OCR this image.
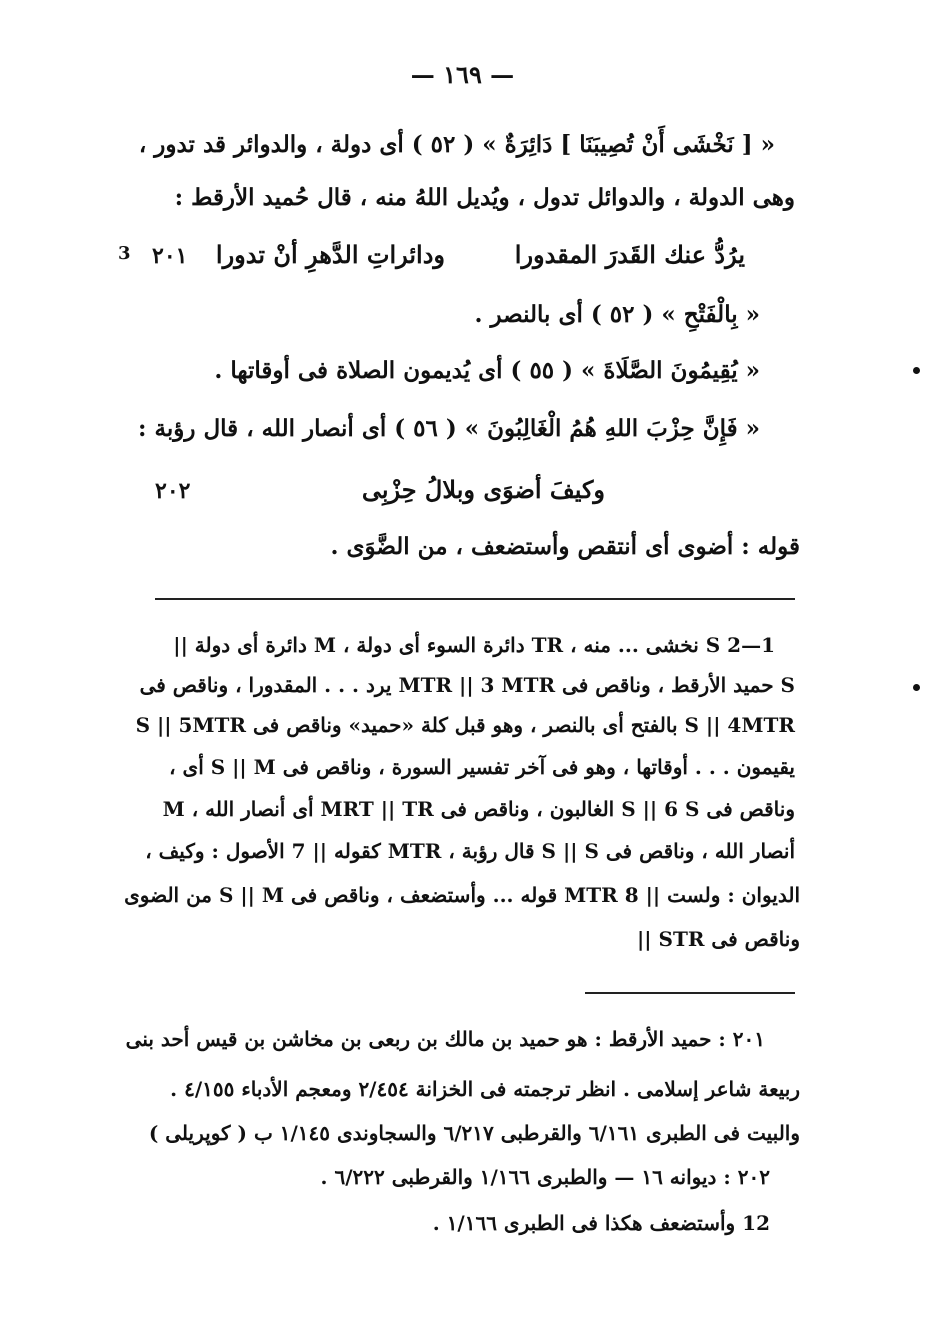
— ١٦٩ —
« [ نَخْشَى أَنْ تُصِيبَنَا ] دَائِرَةٌ » ( ٥٢ ) أى دولة ، والدوائر قد تدور ،
وهى الدولة ، والدوائل تدول ، ويُديل اللهُ منه ، قال حُميد الأرقط :
3 ٢٠١	يرُدُّ عنك القَدرَ المقدورا
ودائراتِ الدَّهرِ أنْ تدورا
« بِالْفَتْحِ » ( ٥٢ ) أى بالنصر .
« يُقِيمُونَ الصَّلَاةَ » ( ٥٥ ) أى يُديمون الصلاة فى أوقاتها .
« فَإِنَّ حِزْبَ اللهِ هُمُ الْغَالِبُونَ » ( ٥٦ ) أى أنصار الله ، قال رؤبة :
٢٠٢	وكيفَ أضوَى وبلالُ حِزْبِى
قوله : أضوى أى أنتقص وأستضعف ، من الضَّوَى .
1—2 S نخشى ... منه ، TR دائرة السوء أى دولة ، M دائرة أى دولة ||
S حميد الأرقط ، وناقص فى MTR || 3 MTR يرد . . . المقدورا ، وناقص فى
S || 4MTR بالفتح أى بالنصر ، وهو قبل كلة «حميد» وناقص فى S || 5MTR
يقيمون . . . أوقاتها ، وهو فى آخر تفسير السورة ، وناقص فى S || M أى ،
وناقص فى S || 6 S الغالبون ، وناقص فى MRT || TR أى أنصار الله ، M
أنصار الله ، وناقص فى S || S قال رؤبة ، MTR كقوله || 7 الأصول : وكيف ،
الديوان : ولست || 8 MTR قوله ... وأستضعف ، وناقص فى S || M من الضوى
وناقص فى STR ||
٢٠١ : حميد الأرقط : هو حميد بن مالك بن ربعى بن مخاشن بن قيس أحد بنى
ربيعة شاعر إسلامى . انظر ترجمته فى الخزانة ٢/٤٥٤ ومعجم الأدباء ٤/١٥٥ .
والبيت فى الطبرى ٦/١٦١ والقرطبى ٦/٢١٧ والسجاوندى ١/١٤٥ ب ( كوپريلى )
٢٠٢ : ديوانه ١٦ — والطبرى ١/١٦٦ والقرطبى ٦/٢٢٢ .
12 وأستضعف هكذا فى الطبرى ١/١٦٦ .
